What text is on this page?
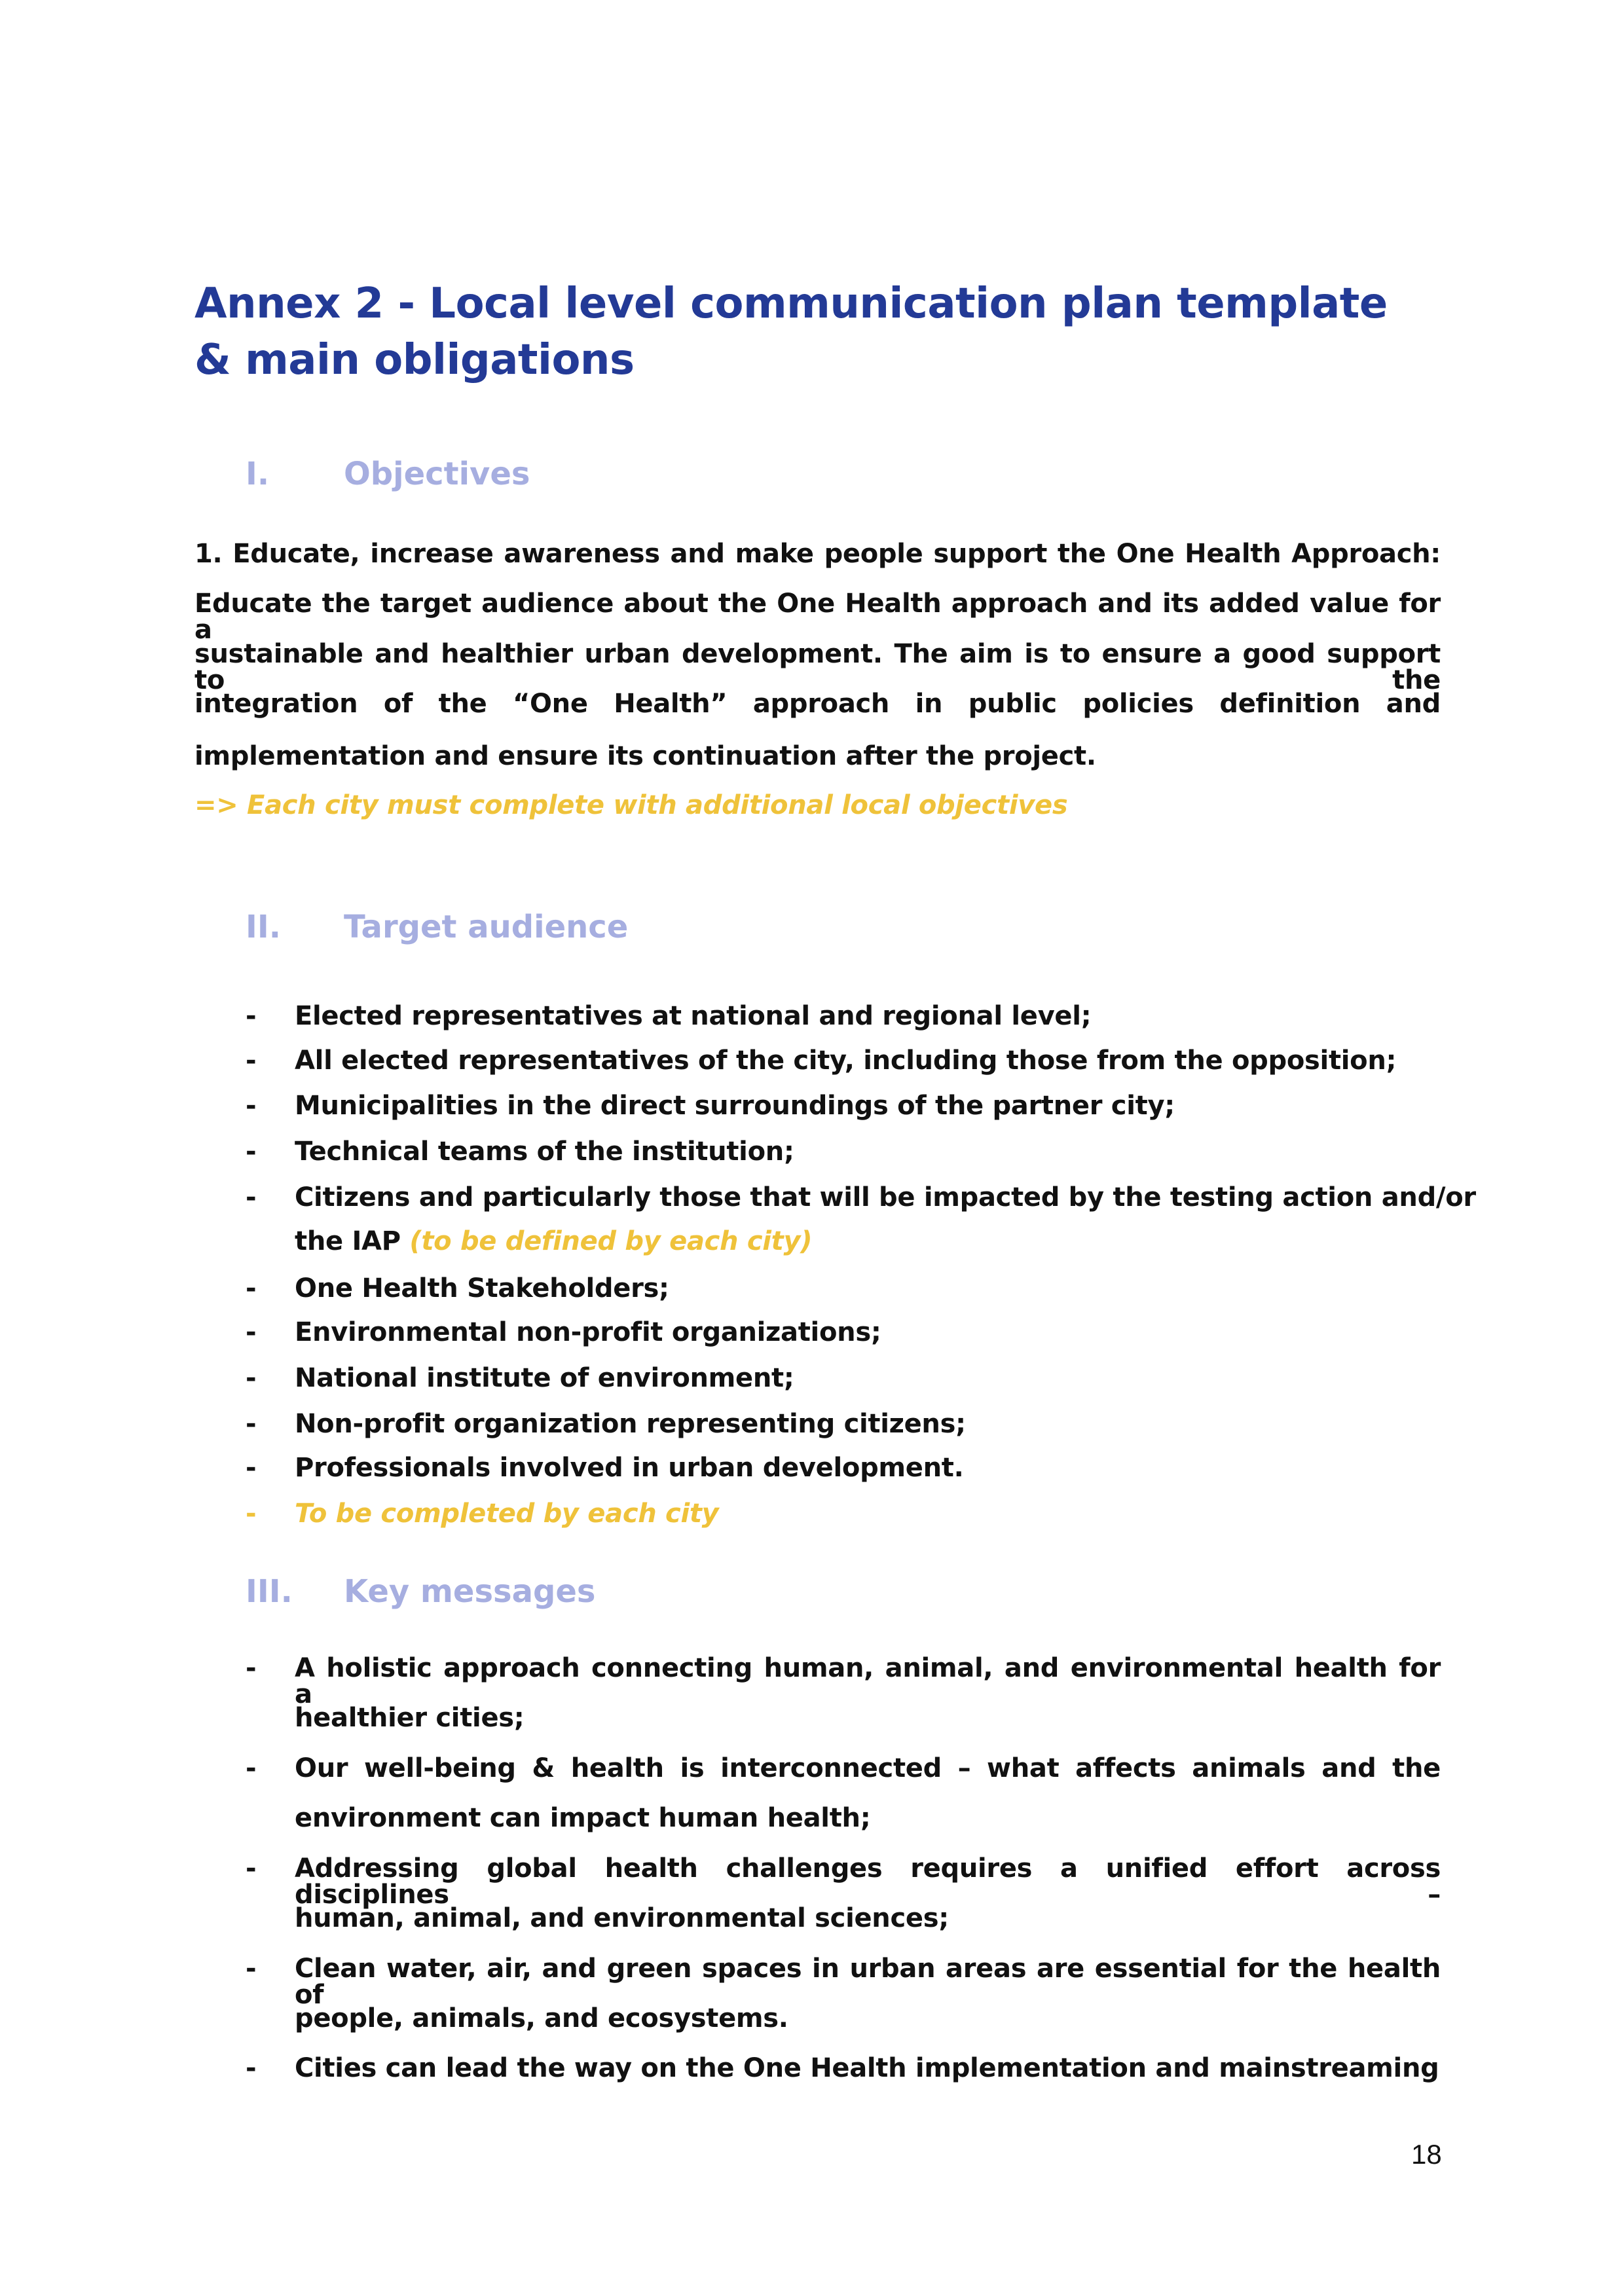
Annex 2 - Local level communication plan template
& main obligations
I. Objectives
1. Educate, increase awareness and make people support the One Health Approach:
Educate the target audience about the One Health approach and its added value for a
sustainable and healthier urban development. The aim is to ensure a good support to the
integration of the “One Health” approach in public policies definition and
implementation and ensure its continuation after the project.
=> Each city must complete with additional local objectives
II. Target audience
- Elected representatives at national and regional level;
- All elected representatives of the city, including those from the opposition;
- Municipalities in the direct surroundings of the partner city;
- Technical teams of the institution;
- Citizens and particularly those that will be impacted by the testing action and/or
the IAP (to be defined by each city)
- One Health Stakeholders;
- Environmental non-profit organizations;
- National institute of environment;
- Non-profit organization representing citizens;
- Professionals involved in urban development.
- To be completed by each city
III. Key messages
- A holistic approach connecting human, animal, and environmental health for a
healthier cities;
- Our well-being & health is interconnected – what affects animals and the
environment can impact human health;
- Addressing global health challenges requires a unified effort across disciplines –
human, animal, and environmental sciences;
- Clean water, air, and green spaces in urban areas are essential for the health of
people, animals, and ecosystems.
- Cities can lead the way on the One Health implementation and mainstreaming
18
